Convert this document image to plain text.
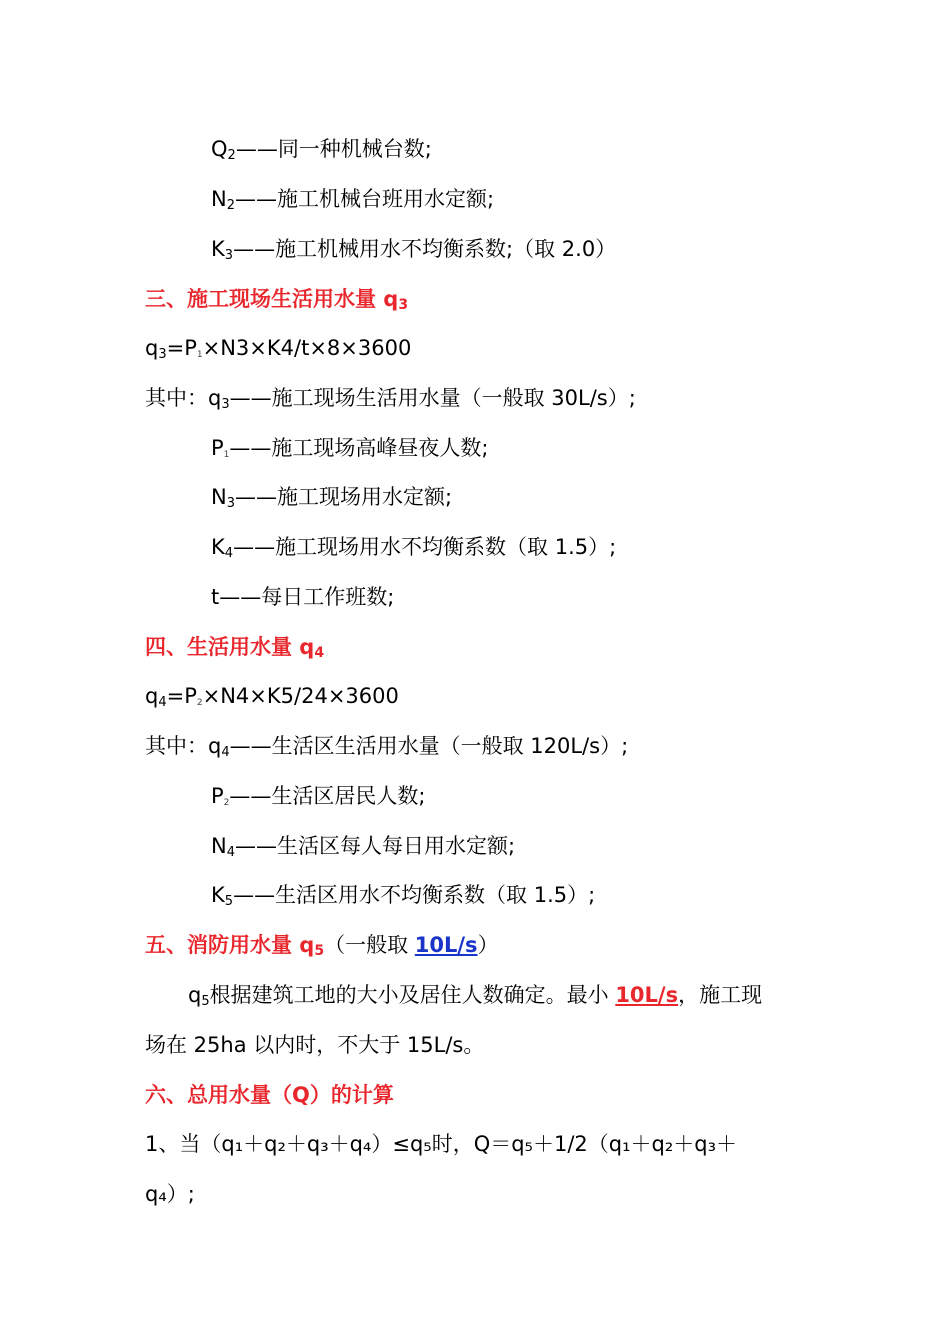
$Q_2——$同一种机械台数;
$N_2——$施工机械台班用水定额;
$K_3——$施工机械用水不均衡系数;（取 2.0）
三、施工现场生活用水量 q3
$q_3=P1\times N3\times K4/t\times 8\times 3600$
其中：$q_3——$施工现场生活用水量（一般取 30L/s）;
P1——施工现场高峰昼夜人数;
$N_3——$施工现场用水定额;
$K_4——$施工现场用水不均衡系数（取 1.5）;
t——每日工作班数;
四、生活用水量 q4
$q_4=P2\times N4\times K5/24\times 3600$
其中：$q_4——$生活区生活用水量（一般取 120L/s）;
P2——生活区居民人数;
$N_4——$生活区每人每日用水定额;
$K_5——$生活区用水不均衡系数（取 1.5）;
五、消防用水量 q5（一般取 10L/s）
$q_5$根据建筑工地的大小及居住人数确定。最小 10L/s，施工现
场在 25ha 以内时，不大于 15L/s。
六、总用水量（Q）的计算
1、当（q₁＋q₂＋q₃＋q₄）≤q₅时，Q＝q₅＋1/2（q₁＋q₂＋q₃＋
q₄）;
